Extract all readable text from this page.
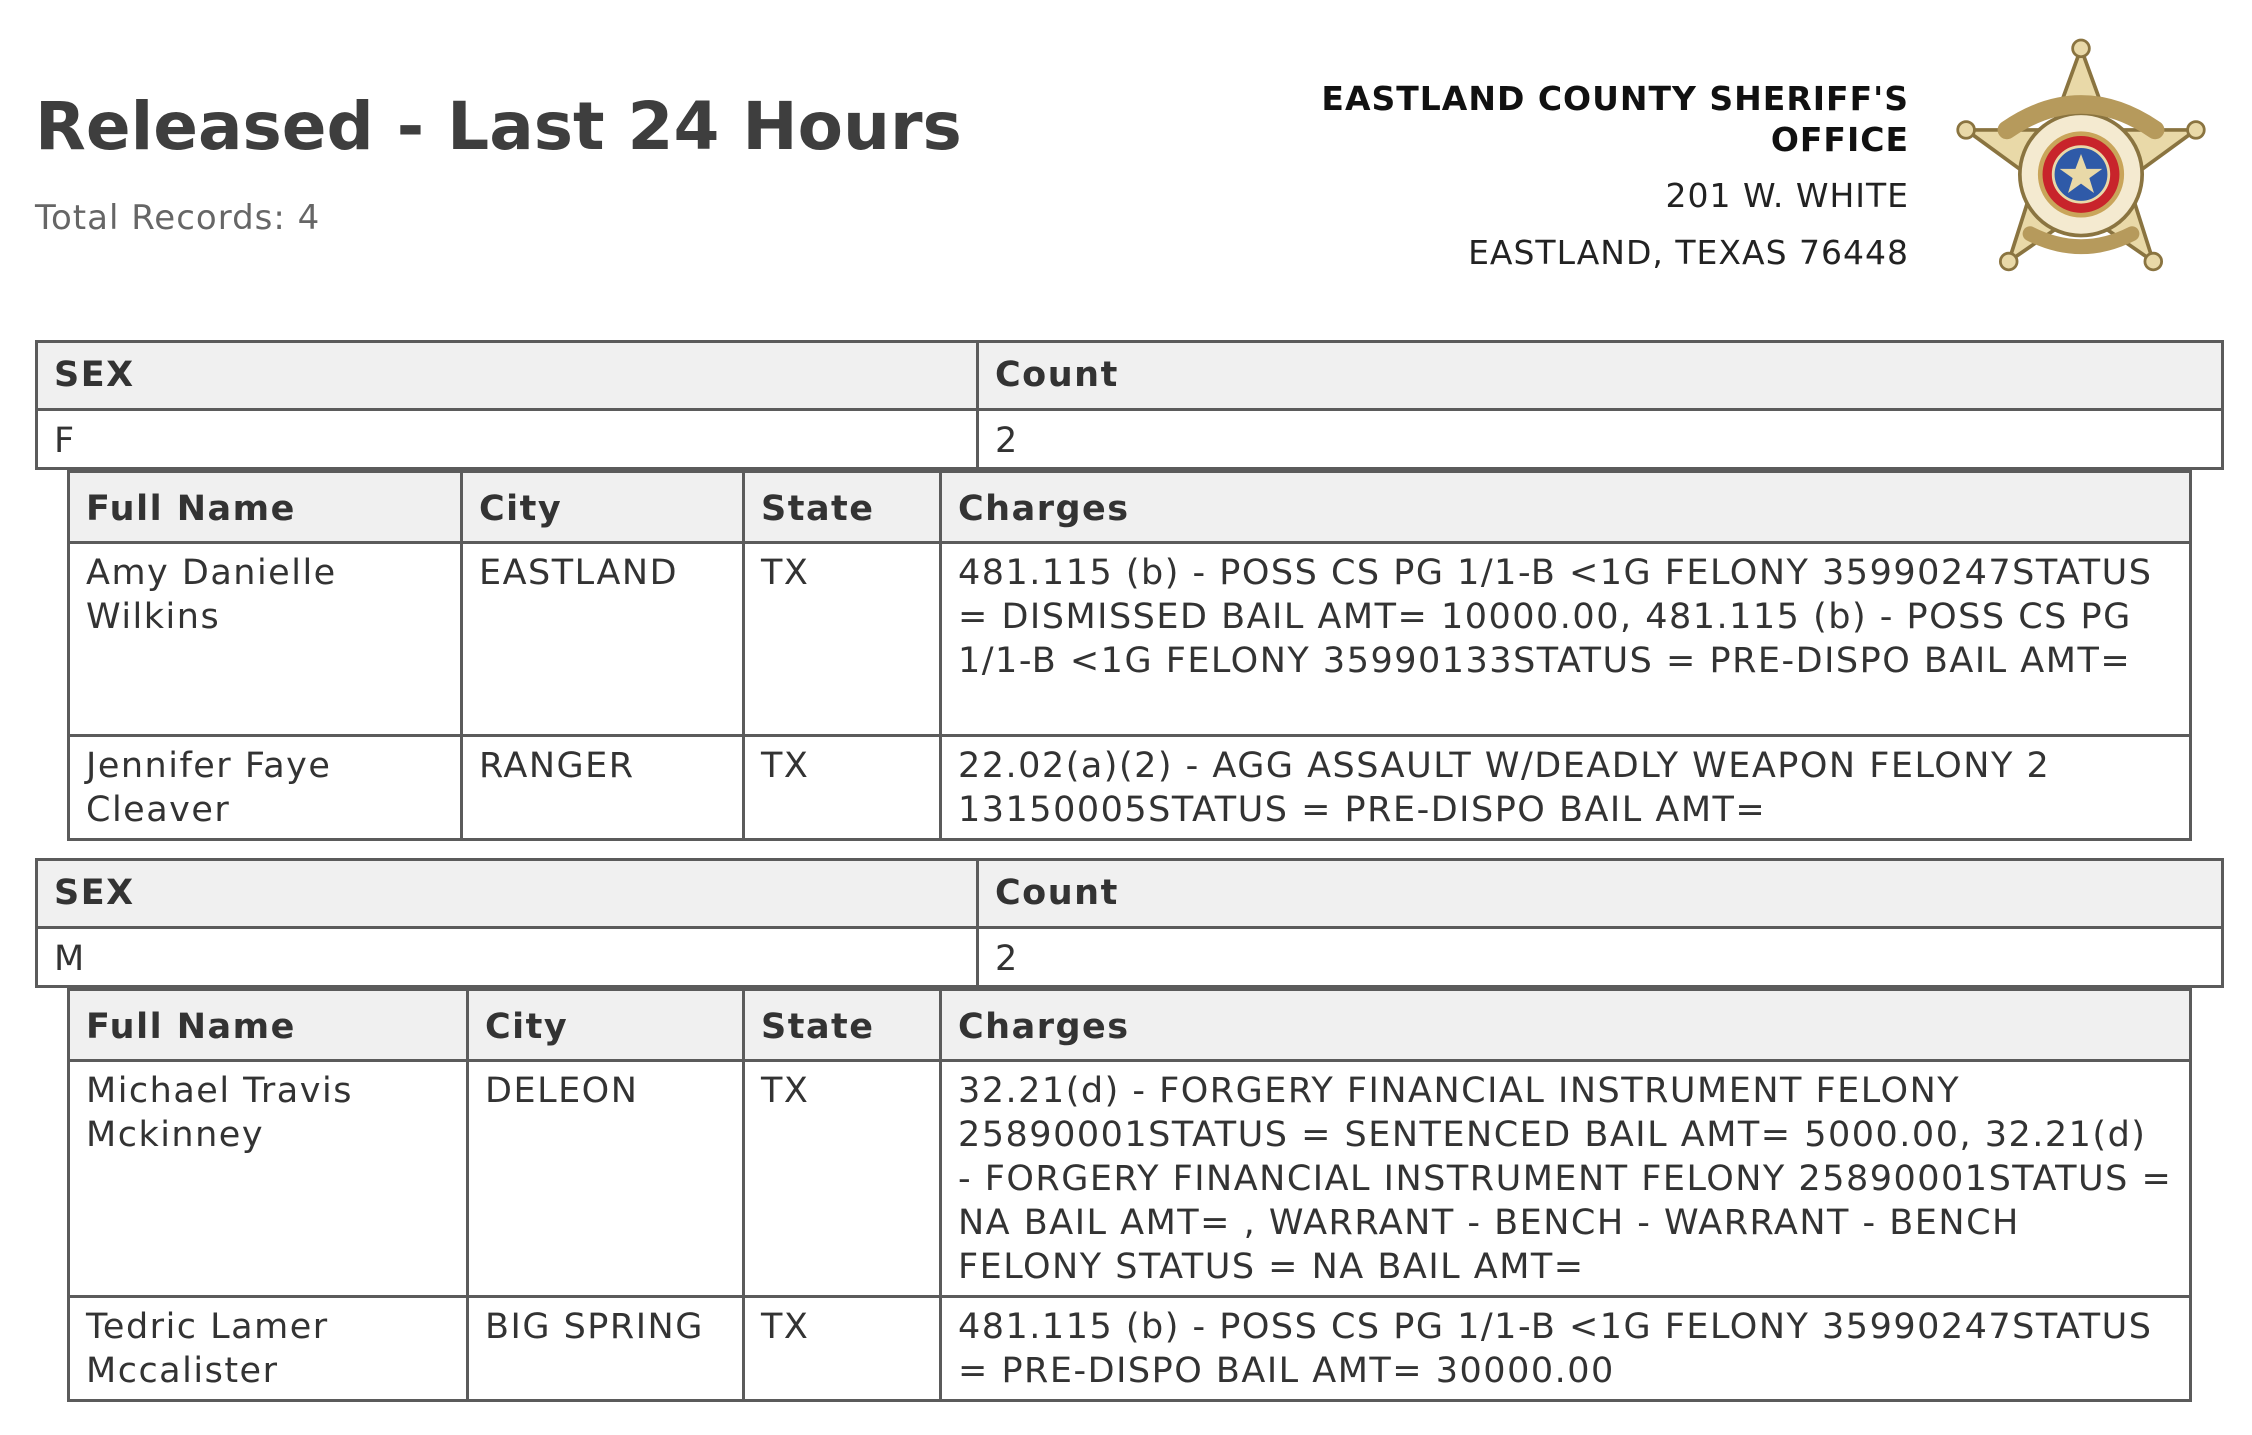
Released - Last 24 Hours
Total Records: 4
EASTLAND COUNTY SHERIFF'S OFFICE
201 W. WHITE
EASTLAND, TEXAS 76448
SEX	Count
F	2
Full Name	City	State	Charges
Amy Danielle Wilkins	EASTLAND	TX	481.115 (b) - POSS CS PG 1/1-B <1G FELONY 35990247STATUS = DISMISSED BAIL AMT= 10000.00, 481.115 (b) - POSS CS PG 1/1-B <1G FELONY 35990133STATUS = PRE-DISPO BAIL AMT=
Jennifer Faye Cleaver	RANGER	TX	22.02(a)(2) - AGG ASSAULT W/DEADLY WEAPON FELONY 2 13150005STATUS = PRE-DISPO BAIL AMT=
SEX	Count
M	2
Full Name	City	State	Charges
Michael Travis Mckinney	DELEON	TX	32.21(d) - FORGERY FINANCIAL INSTRUMENT FELONY 25890001STATUS = SENTENCED BAIL AMT= 5000.00, 32.21(d) - FORGERY FINANCIAL INSTRUMENT FELONY 25890001STATUS = NA BAIL AMT= , WARRANT - BENCH - WARRANT - BENCH FELONY STATUS = NA BAIL AMT=
Tedric Lamer Mccalister	BIG SPRING	TX	481.115 (b) - POSS CS PG 1/1-B <1G FELONY 35990247STATUS = PRE-DISPO BAIL AMT= 30000.00
